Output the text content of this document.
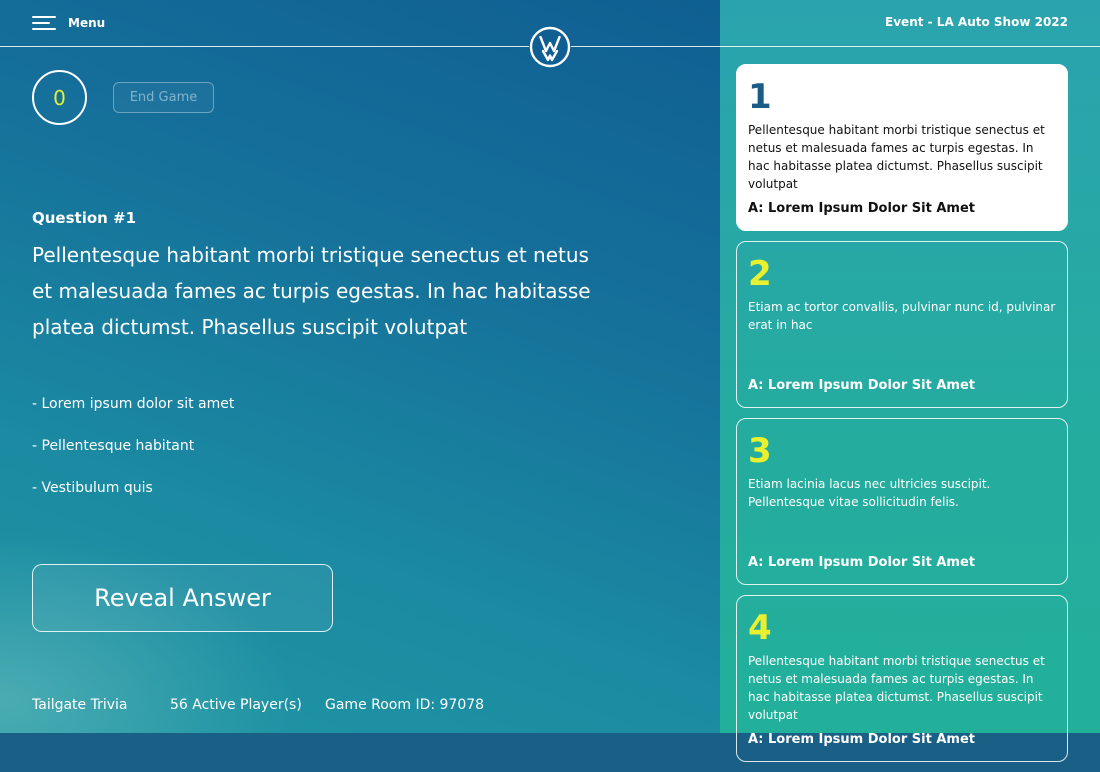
Menu
0	End Game
Question #1
Pellentesque habitant morbi tristique senectus et netus et malesuada fames ac turpis egestas. In hac habitasse platea dictumst. Phasellus suscipit volutpat
- Lorem ipsum dolor sit amet
- Pellentesque habitant
- Vestibulum quis
Reveal Answer
Tailgate Trivia	56 Active Player(s)	Game Room ID: 97078
Event - LA Auto Show 2022
1
Pellentesque habitant morbi tristique senectus et netus et malesuada fames ac turpis egestas. In hac habitasse platea dictumst. Phasellus suscipit volutpat
A: Lorem Ipsum Dolor Sit Amet
2
Etiam ac tortor convallis, pulvinar nunc id, pulvinar erat in hac
A: Lorem Ipsum Dolor Sit Amet
3
Etiam lacinia lacus nec ultricies suscipit. Pellentesque vitae sollicitudin felis.
A: Lorem Ipsum Dolor Sit Amet
4
Pellentesque habitant morbi tristique senectus et netus et malesuada fames ac turpis egestas. In hac habitasse platea dictumst. Phasellus suscipit volutpat
A: Lorem Ipsum Dolor Sit Amet
